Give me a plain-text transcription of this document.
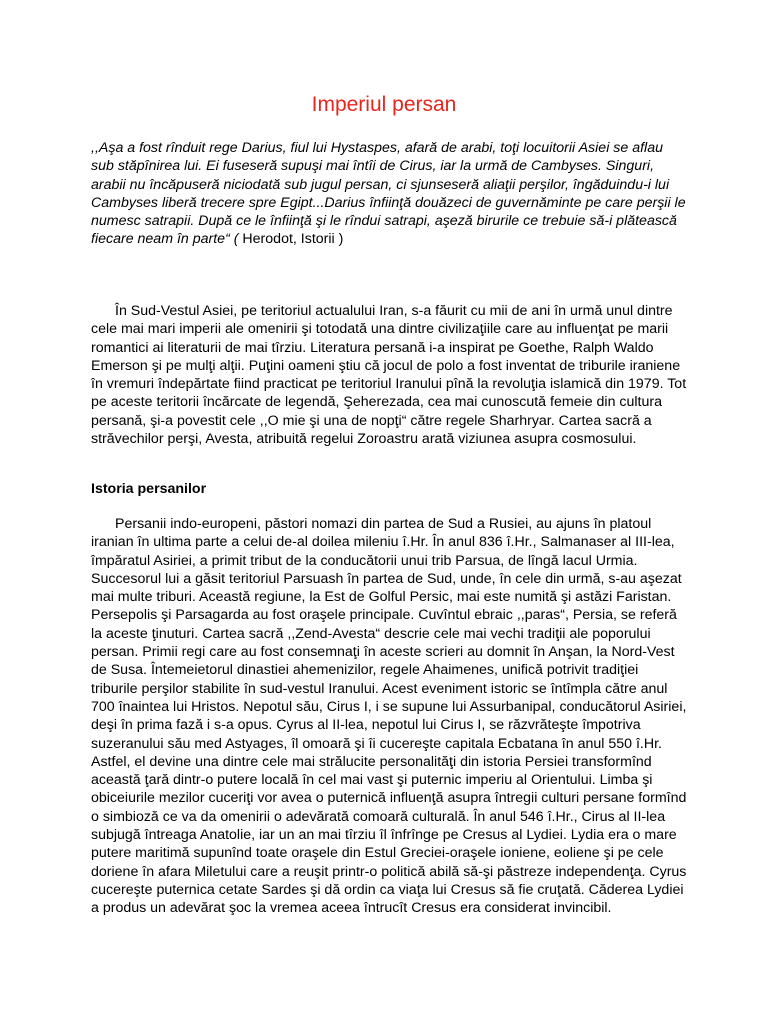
Imperiul persan

,,Aşa a fost rînduit rege Darius, fiul lui Hystaspes, afară de arabi, toţi locuitorii Asiei se aflau sub stăpînirea lui. Ei fuseseră supuşi mai întîi de Cirus, iar la urmă de Cambyses. Singuri, arabii nu încăpuseră niciodată sub jugul persan, ci sjunseseră aliaţii perşilor, îngăduindu-i lui Cambyses liberă trecere spre Egipt...Darius înfiinţă douăzeci de guvernăminte pe care perşii le numesc satrapii. După ce le înfiinţă şi le rîndui satrapi, aşeză birurile ce trebuie să-i plătească fiecare neam în parte“ ( Herodot, Istorii )

În Sud-Vestul Asiei, pe teritoriul actualului Iran, s-a făurit cu mii de ani în urmă unul dintre cele mai mari imperii ale omenirii şi totodată una dintre civilizaţiile care au influenţat pe marii romantici ai literaturii de mai tîrziu. Literatura persană i-a inspirat pe Goethe, Ralph Waldo Emerson şi pe mulţi alţii. Puţini oameni ştiu că jocul de polo a fost inventat de triburile iraniene în vremuri îndepărtate fiind practicat pe teritoriul Iranului pînă la revoluţia islamică din 1979. Tot pe aceste teritorii încărcate de legendă, Şeherezada, cea mai cunoscută femeie din cultura persană, şi-a povestit cele ,,O mie şi una de nopţi“ către regele Sharhryar. Cartea sacră a străvechilor perşi, Avesta, atribuită regelui Zoroastru arată viziunea asupra cosmosului.

Istoria persanilor

Persanii indo-europeni, păstori nomazi din partea de Sud a Rusiei, au ajuns în platoul iranian în ultima parte a celui de-al doilea mileniu î.Hr. În anul 836 î.Hr., Salmanaser al III-lea, împăratul Asiriei, a primit tribut de la conducătorii unui trib Parsua, de lîngă lacul Urmia. Succesorul lui a găsit teritoriul Parsuash în partea de Sud, unde, în cele din urmă, s-au aşezat mai multe triburi. Această regiune, la Est de Golful Persic, mai este numită şi astăzi Faristan. Persepolis şi Parsagarda au fost oraşele principale. Cuvîntul ebraic ,,paras“, Persia, se referă la aceste ţinuturi. Cartea sacră ,,Zend-Avesta“ descrie cele mai vechi tradiţii ale poporului persan. Primii regi care au fost consemnaţi în aceste scrieri au domnit în Anşan, la Nord-Vest de Susa. Întemeietorul dinastiei ahemenizilor, regele Ahaimenes, unifică potrivit tradiţiei triburile perşilor stabilite în sud-vestul Iranului. Acest eveniment istoric se întîmpla către anul 700 înaintea lui Hristos. Nepotul său, Cirus I, i se supune lui Assurbanipal, conducătorul Asiriei, deşi în prima fază i s-a opus. Cyrus al II-lea, nepotul lui Cirus I, se răzvrăteşte împotriva suzeranului său med Astyages, îl omoară şi îi cucereşte capitala Ecbatana în anul 550 î.Hr. Astfel, el devine una dintre cele mai strălucite personalităţi din istoria Persiei transformînd această ţară dintr-o putere locală în cel mai vast şi puternic imperiu al Orientului. Limba şi obiceiurile mezilor cuceriţi vor avea o puternică influenţă asupra întregii culturi persane formînd o simbioză ce va da omenirii o adevărată comoară culturală. În anul 546 î.Hr., Cirus al II-lea subjugă întreaga Anatolie, iar un an mai tîrziu îl înfrînge pe Cresus al Lydiei. Lydia era o mare putere maritimă supunînd toate oraşele din Estul Greciei-oraşele ionienе, eoliene şi pe cele doriene în afara Miletului care a reuşit printr-o politică abilă să-şi păstreze independenţa. Cyrus cucereşte puternica cetate Sardes şi dă ordin ca viaţa lui Cresus să fie cruţată. Căderea Lydiei a produs un adevărat şoc la vremea aceea întrucît Cresus era considerat invincibil.
